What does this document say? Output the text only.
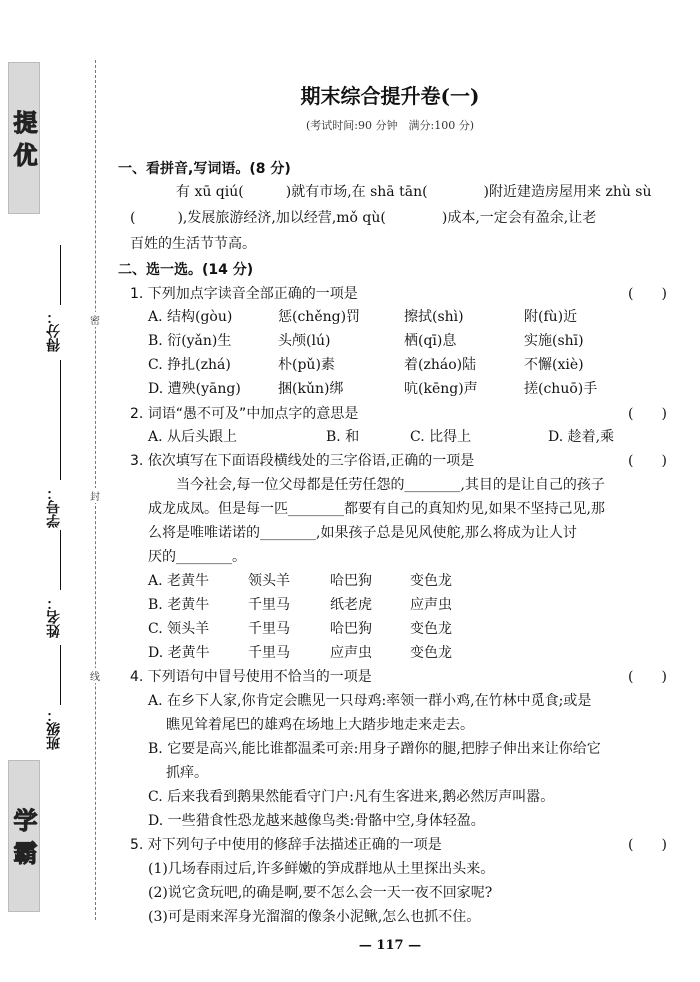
提 优
学 霸
得分：
学号：
姓名：
班级：
密
封
线
期末综合提升卷(一)
(考试时间:90 分钟　满分:100 分)
一、看拼音,写词语。(8 分)
有 xū qiú(　　　)就有市场,在 shā tān(　　　　)附近建造房屋用来 zhù sù
(　　　),发展旅游经济,加以经营,mǒ qù(　　　　)成本,一定会有盈余,让老
百姓的生活节节高。
二、选一选。(14 分)
1. 下列加点字读音全部正确的一项是	(　　)
A. 结构(gòu)	惩(chěng)罚	擦拭(shì)	附(fù)近
B. 衍(yǎn)生	头颅(lú)	栖(qī)息	实施(shī)
C. 挣扎(zhá)	朴(pǔ)素	着(zháo)陆	不懈(xiè)
D. 遭殃(yāng)	捆(kǔn)绑	吭(kēng)声	搓(chuō)手
2. 词语“愚不可及”中加点字的意思是	(　　)
A. 从后头跟上	B. 和	C. 比得上	D. 趁着,乘
3. 依次填写在下面语段横线处的三字俗语,正确的一项是	(　　)
当今社会,每一位父母都是任劳任怨的________,其目的是让自己的孩子
成龙成凤。但是每一匹________都要有自己的真知灼见,如果不坚持己见,那
么将是唯唯诺诺的________,如果孩子总是见风使舵,那么将成为让人讨
厌的________。
A. 老黄牛	领头羊	哈巴狗	变色龙
B. 老黄牛	千里马	纸老虎	应声虫
C. 领头羊	千里马	哈巴狗	变色龙
D. 老黄牛	千里马	应声虫	变色龙
4. 下列语句中冒号使用不恰当的一项是	(　　)
A. 在乡下人家,你肯定会瞧见一只母鸡:率领一群小鸡,在竹林中觅食;或是
瞧见耸着尾巴的雄鸡在场地上大踏步地走来走去。
B. 它要是高兴,能比谁都温柔可亲:用身子蹭你的腿,把脖子伸出来让你给它
抓痒。
C. 后来我看到鹅果然能看守门户:凡有生客进来,鹅必然厉声叫嚣。
D. 一些猎食性恐龙越来越像鸟类:骨骼中空,身体轻盈。
5. 对下列句子中使用的修辞手法描述正确的一项是	(　　)
(1)几场春雨过后,许多鲜嫩的笋成群地从土里探出头来。
(2)说它贪玩吧,的确是啊,要不怎么会一天一夜不回家呢?
(3)可是雨来浑身光溜溜的像条小泥鳅,怎么也抓不住。
— 117 —
